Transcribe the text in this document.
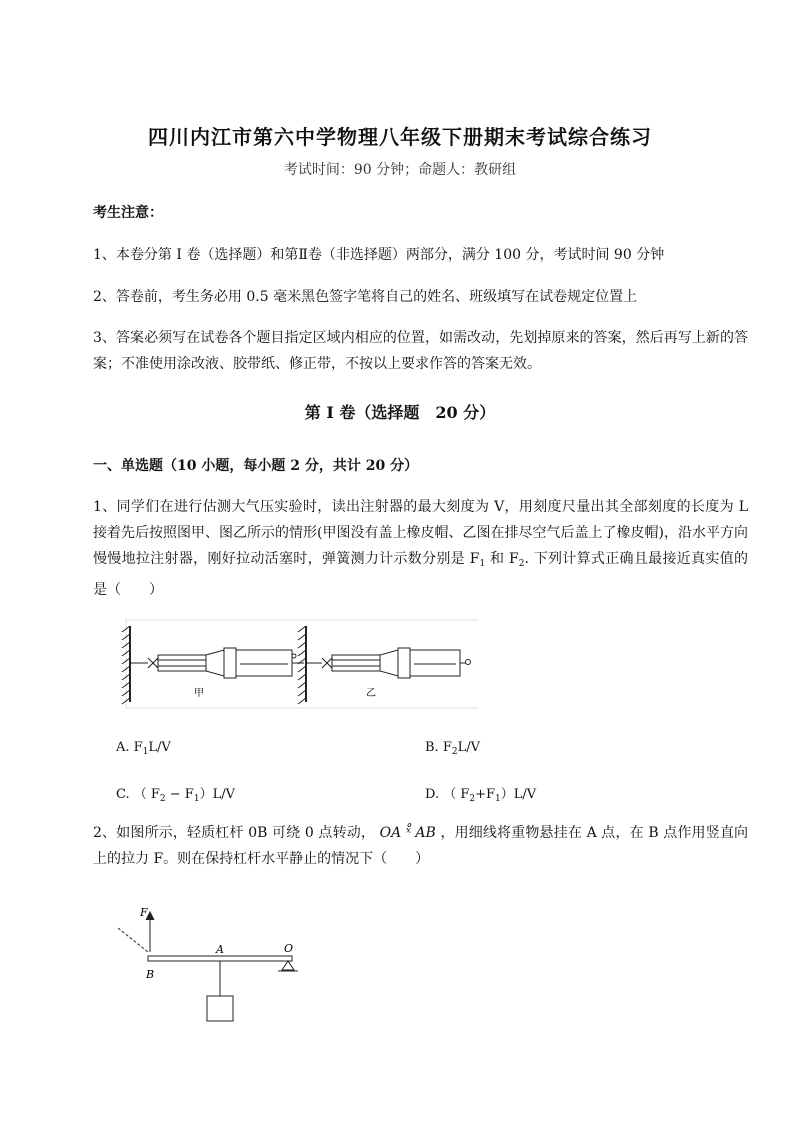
四川内江市第六中学物理八年级下册期末考试综合练习
考试时间：90 分钟；命题人：教研组
考生注意：
1、本卷分第 I 卷（选择题）和第Ⅱ卷（非选择题）两部分，满分 100 分，考试时间 90 分钟
2、答卷前，考生务必用 0.5 毫米黑色签字笔将自己的姓名、班级填写在试卷规定位置上
3、答案必须写在试卷各个题目指定区域内相应的位置，如需改动，先划掉原来的答案，然后再写上新的答案；不准使用涂改液、胶带纸、修正带，不按以上要求作答的答案无效。
第 I 卷（选择题　20 分）
一、单选题（10 小题，每小题 2 分，共计 20 分）
1、同学们在进行估测大气压实验时，读出注射器的最大刻度为 V，用刻度尺量出其全部刻度的长度为 L 接着先后按照图甲、图乙所示的情形(甲图没有盖上橡皮帽、乙图在排尽空气后盖上了橡皮帽)，沿水平方向慢慢地拉注射器，刚好拉动活塞时，弹簧测力计示数分别是 $F_1$ 和 $F_2$. 下列计算式正确且最接近真实值的是（　　）
甲	乙
A. $F_1L/V$	B. $F_2L/V$
C. （ $F_2 - F_1)L/V$	D. （ $F_2+F_1)L/V$
2、如图所示，轻质杠杆 0B 可绕 0 点转动， OA ˣ̊ AB ，用细线将重物悬挂在 A 点，在 B 点作用竖直向上的拉力 F。则在保持杠杆水平静止的情况下（　　）
F
A	O
B
